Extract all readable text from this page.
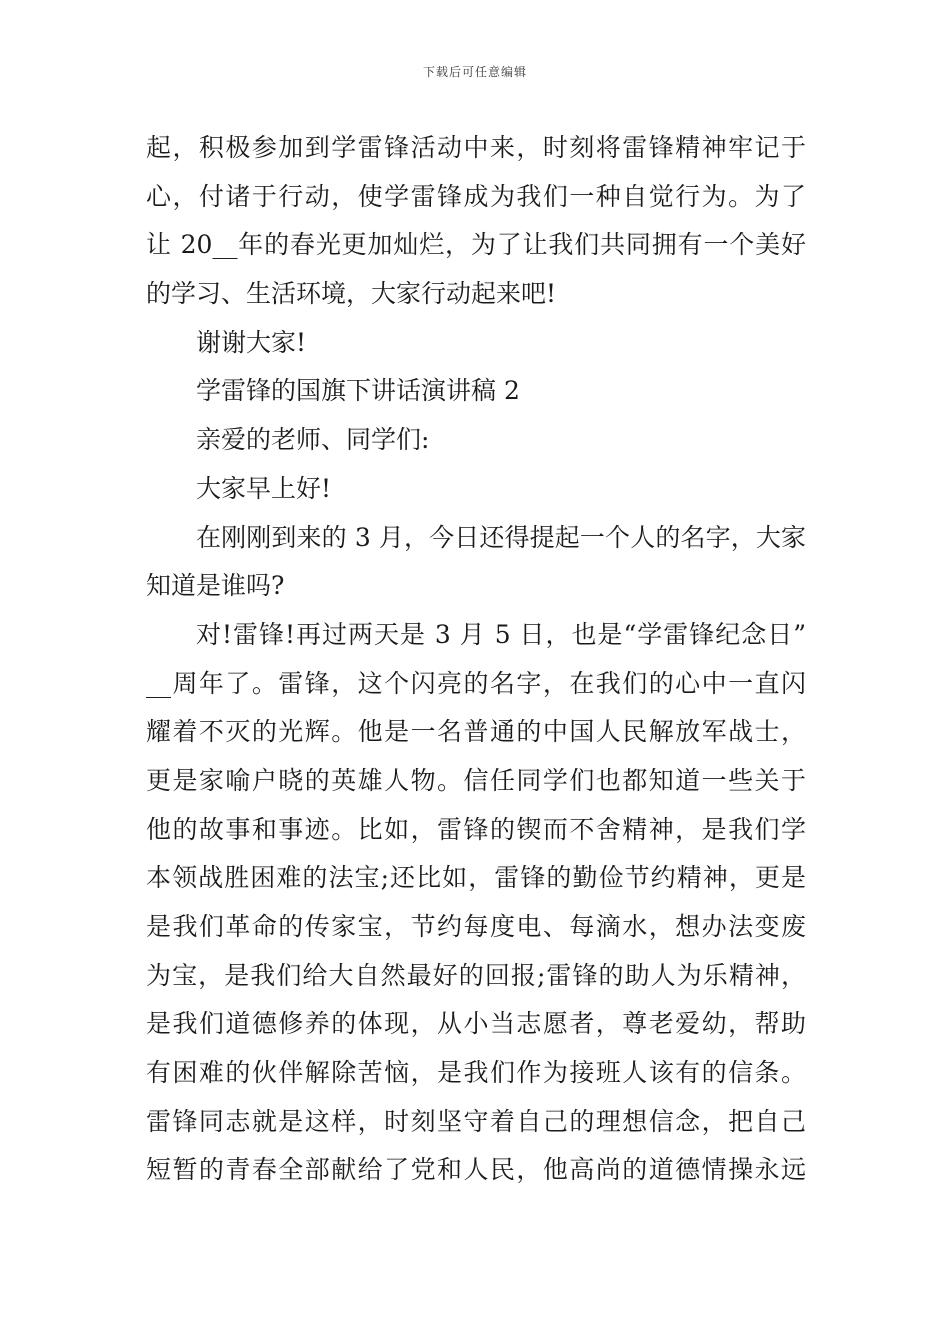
下载后可任意编辑
起，积极参加到学雷锋活动中来，时刻将雷锋精神牢记于
心，付诸于行动，使学雷锋成为我们一种自觉行为。为了
让 20__年的春光更加灿烂，为了让我们共同拥有一个美好
的学习、生活环境，大家行动起来吧!
谢谢大家!
学雷锋的国旗下讲话演讲稿 2
亲爱的老师、同学们:
大家早上好!
在刚刚到来的 3 月，今日还得提起一个人的名字，大家
知道是谁吗?
对!雷锋!再过两天是 3 月 5 日，也是“学雷锋纪念日”
__周年了。雷锋，这个闪亮的名字，在我们的心中一直闪
耀着不灭的光辉。他是一名普通的中国人民解放军战士，
更是家喻户晓的英雄人物。信任同学们也都知道一些关于
他的故事和事迹。比如，雷锋的锲而不舍精神，是我们学
本领战胜困难的法宝;还比如，雷锋的勤俭节约精神，更是
是我们革命的传家宝，节约每度电、每滴水，想办法变废
为宝，是我们给大自然最好的回报;雷锋的助人为乐精神，
是我们道德修养的体现，从小当志愿者，尊老爱幼，帮助
有困难的伙伴解除苦恼，是我们作为接班人该有的信条。
雷锋同志就是这样，时刻坚守着自己的理想信念，把自己
短暂的青春全部献给了党和人民，他高尚的道德情操永远
